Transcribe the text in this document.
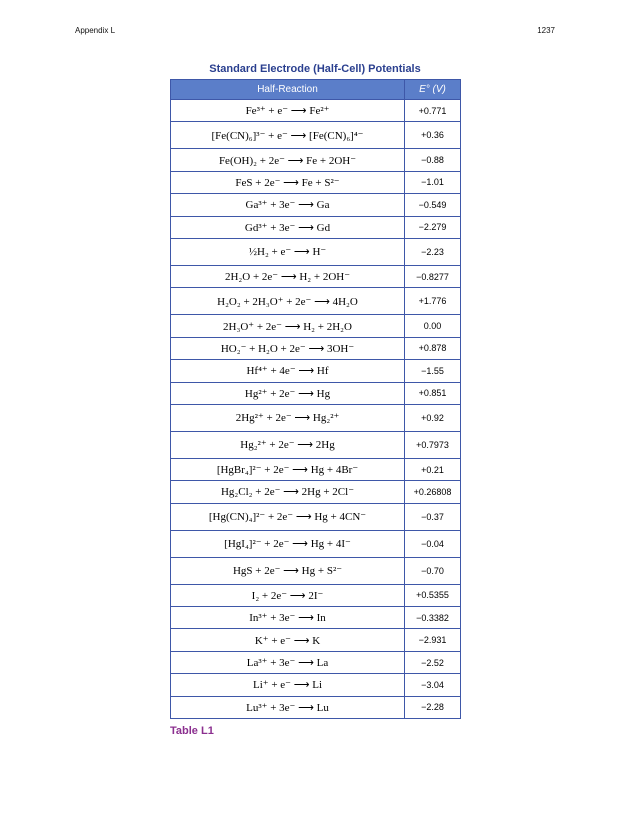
Appendix L	1237
Standard Electrode (Half-Cell) Potentials
Half-Reaction	E° (V)
Fe³⁺ + e⁻ ⟶ Fe²⁺	+0.771
[Fe(CN)₆]³⁻ + e⁻ ⟶ [Fe(CN)₆]⁴⁻	+0.36
Fe(OH)₂ + 2e⁻ ⟶ Fe + 2OH⁻	−0.88
FeS + 2e⁻ ⟶ Fe + S²⁻	−1.01
Ga³⁺ + 3e⁻ ⟶ Ga	−0.549
Gd³⁺ + 3e⁻ ⟶ Gd	−2.279
½H₂ + e⁻ ⟶ H⁻	−2.23
2H₂O + 2e⁻ ⟶ H₂ + 2OH⁻	−0.8277
H₂O₂ + 2H₃O⁺ + 2e⁻ ⟶ 4H₂O	+1.776
2H₃O⁺ + 2e⁻ ⟶ H₂ + 2H₂O	0.00
HO₂⁻ + H₂O + 2e⁻ ⟶ 3OH⁻	+0.878
Hf⁴⁺ + 4e⁻ ⟶ Hf	−1.55
Hg²⁺ + 2e⁻ ⟶ Hg	+0.851
2Hg²⁺ + 2e⁻ ⟶ Hg₂²⁺	+0.92
Hg₂²⁺ + 2e⁻ ⟶ 2Hg	+0.7973
[HgBr₄]²⁻ + 2e⁻ ⟶ Hg + 4Br⁻	+0.21
Hg₂Cl₂ + 2e⁻ ⟶ 2Hg + 2Cl⁻	+0.26808
[Hg(CN)₄]²⁻ + 2e⁻ ⟶ Hg + 4CN⁻	−0.37
[HgI₄]²⁻ + 2e⁻ ⟶ Hg + 4I⁻	−0.04
HgS + 2e⁻ ⟶ Hg + S²⁻	−0.70
I₂ + 2e⁻ ⟶ 2I⁻	+0.5355
In³⁺ + 3e⁻ ⟶ In	−0.3382
K⁺ + e⁻ ⟶ K	−2.931
La³⁺ + 3e⁻ ⟶ La	−2.52
Li⁺ + e⁻ ⟶ Li	−3.04
Lu³⁺ + 3e⁻ ⟶ Lu	−2.28
Table L1
